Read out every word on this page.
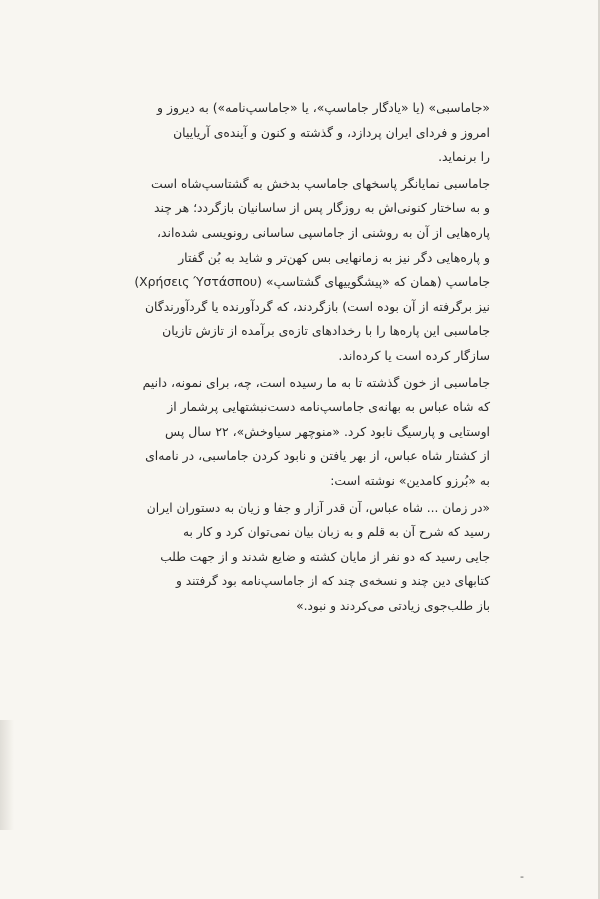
«جاماسبی» (یا «یادگار جاماسپ»، یا «جاماسپ‌نامه») به دیروز و
امروز و فردای ایران پردازد، و گذشته و کنون و آینده‌ی آریاییان
را برنماید.

جاماسبی نمایانگر پاسخهای جاماسپ بدخش به گشتاسپ‌شاه است
و به ساختار کنونی‌اش به روزگار پس از ساسانیان بازگردد؛ هر چند
پاره‌هایی از آن به روشنی از جاماسپی ساسانی رونویسی شده‌اند،
و پاره‌هایی دگر نیز به زمانهایی بس کهن‌تر و شاید به بُن گفتار
جاماسپ (همان که «پیشگوییهای گشتاسپ» (Χρήσεις Ύστάσπου)
نیز برگرفته از آن بوده است) بازگردند، که گردآورنده یا گردآورندگان
جاماسبی این پاره‌ها را با رخدادهای تازه‌ی برآمده از تازش تازیان
سازگار کرده است یا کرده‌اند.

جاماسبی از خون گذشته تا به ما رسیده است، چه، برای نمونه، دانیم
که شاه عباس به بهانه‌ی جاماسپ‌نامه دست‌نبشتهایی پرشمار از
اوستایی و پارسیگ نابود کرد. «منوچهر سیاوخش»، ۲۲ سال پس
از کشتار شاه عباس، از بهر یافتن و نابود کردن جاماسبی، در نامه‌ای
به «بُرزو کامدین» نوشته است:

«در زمان ... شاه عباس، آن قدر آزار و جفا و زیان به دستوران ایران
رسید که شرح آن به قلم و به زبان بیان نمی‌توان کرد و کار به
جایی رسید که دو نفر از مایان کشته و ضایع شدند و از جهت طلب
کتابهای دین چند و نسخه‌ی چند که از جاماسپ‌نامه بود گرفتند و
باز طلب‌جوی زیادتی می‌کردند و نبود.»

-
